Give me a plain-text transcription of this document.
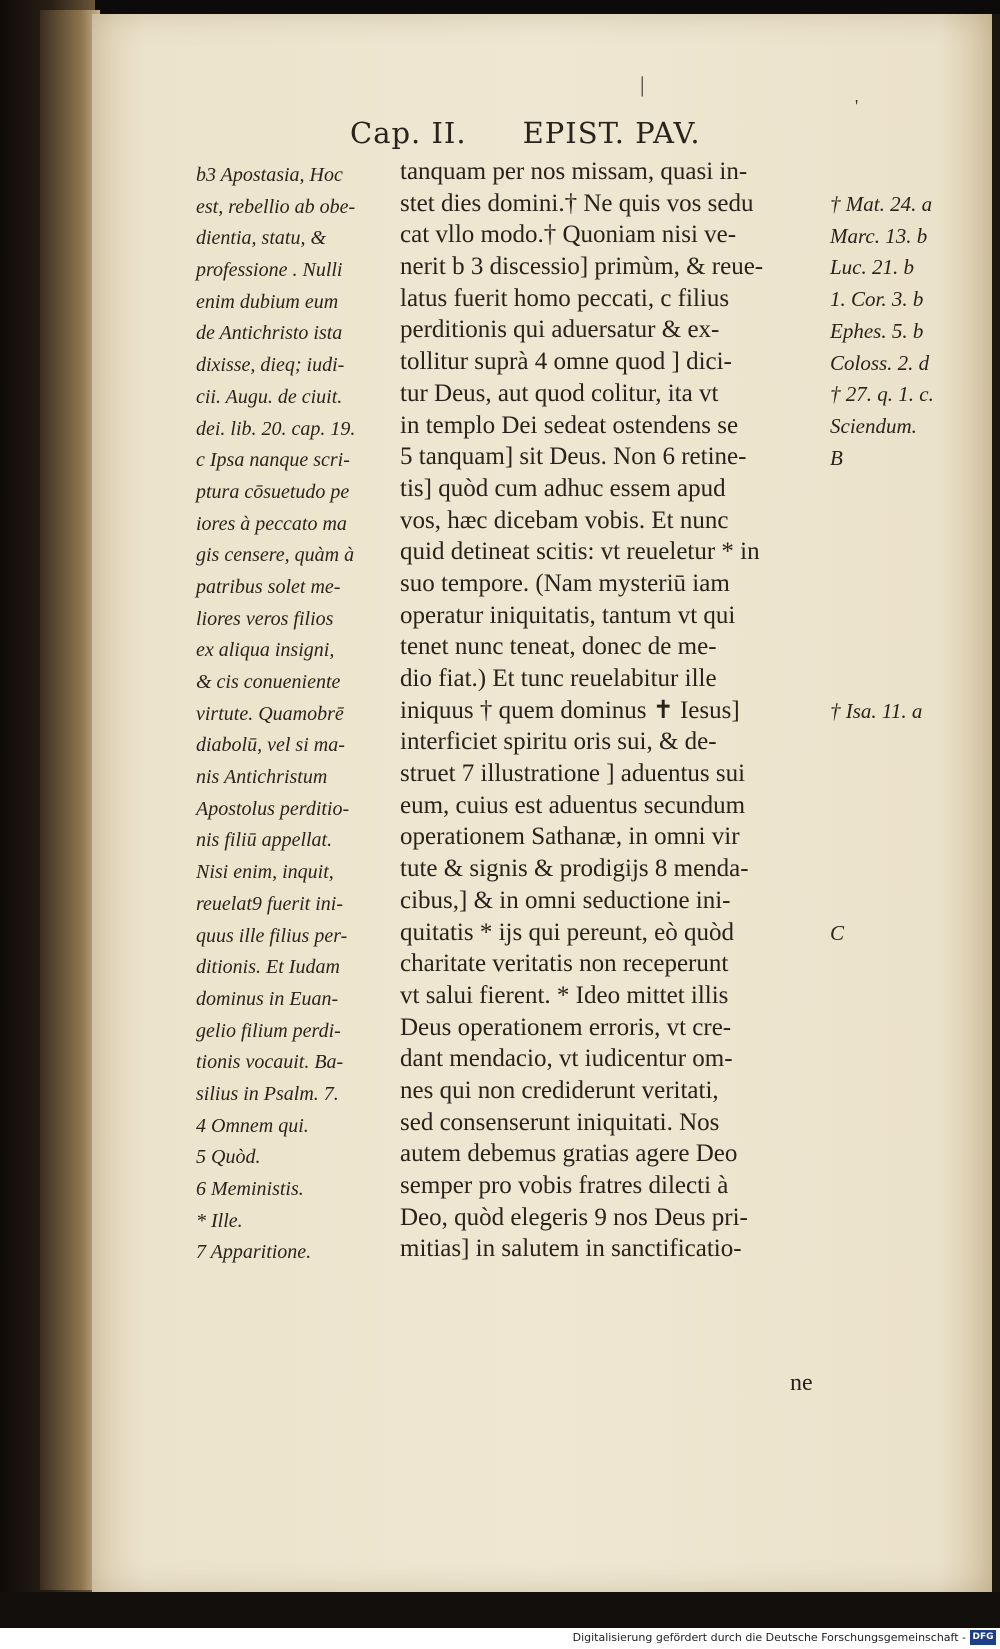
|
'
Cap. II. EPIST. PAV.
b3 Apostasia, Hoc
est, rebellio ab obe-
dientia, statu, &
professione . Nulli
enim dubium eum
de Antichristo ista
dixisse, dieq; iudi-
cii. Augu. de ciuit.
dei. lib. 20. cap. 19.
c Ipsa nanque scri-
ptura cōsuetudo pe
iores à peccato ma
gis censere, quàm à
patribus solet me-
liores veros filios
ex aliqua insigni,
& cis conueniente
virtute. Quamobrē
diabolū, vel si ma-
nis Antichristum
Apostolus perditio-
nis filiū appellat.
Nisi enim, inquit,
reuelat9 fuerit ini-
quus ille filius per-
ditionis. Et Iudam
dominus in Euan-
gelio filium perdi-
tionis vocauit. Ba-
silius in Psalm. 7.
4 Omnem qui.
5 Quòd.
6 Meministis.
* Ille.
7 Apparitione.
tanquam per nos missam, quasi in-
stet dies domini.† Ne quis vos sedu
cat vllo modo.† Quoniam nisi ve-
nerit b 3 discessio] primùm, & reue-
latus fuerit homo peccati, c filius
perditionis qui aduersatur & ex-
tollitur suprà 4 omne quod ] dici-
tur Deus, aut quod colitur, ita vt
in templo Dei sedeat ostendens se
5 tanquam] sit Deus. Non 6 retine-
tis] quòd cum adhuc essem apud
vos, hæc dicebam vobis. Et nunc
quid detineat scitis: vt reueletur * in
suo tempore. (Nam mysteriū iam
operatur iniquitatis, tantum vt qui
tenet nunc teneat, donec de me-
dio fiat.) Et tunc reuelabitur ille
iniquus † quem dominus ✝ Iesus]
interficiet spiritu oris sui, & de-
struet 7 illustratione ] aduentus sui
eum, cuius est aduentus secundum
operationem Sathanæ, in omni vir
tute & signis & prodigijs 8 menda-
cibus,] & in omni seductione ini-
quitatis * ijs qui pereunt, eò quòd
charitate veritatis non receperunt
vt salui fierent. * Ideo mittet illis
Deus operationem erroris, vt cre-
dant mendacio, vt iudicentur om-
nes qui non crediderunt veritati,
sed consenserunt iniquitati. Nos
autem debemus gratias agere Deo
semper pro vobis fratres dilecti à
Deo, quòd elegeris 9 nos Deus pri-
mitias] in salutem in sanctificatio-
† Mat. 24. a
Marc. 13. b
Luc. 21. b
1. Cor. 3. b
Ephes. 5. b
Coloss. 2. d
† 27. q. 1. c.
Sciendum.
B
† Isa. 11. a
C
ne
Digitalisierung gefördert durch die Deutsche Forschungsgemeinschaft - DFG
